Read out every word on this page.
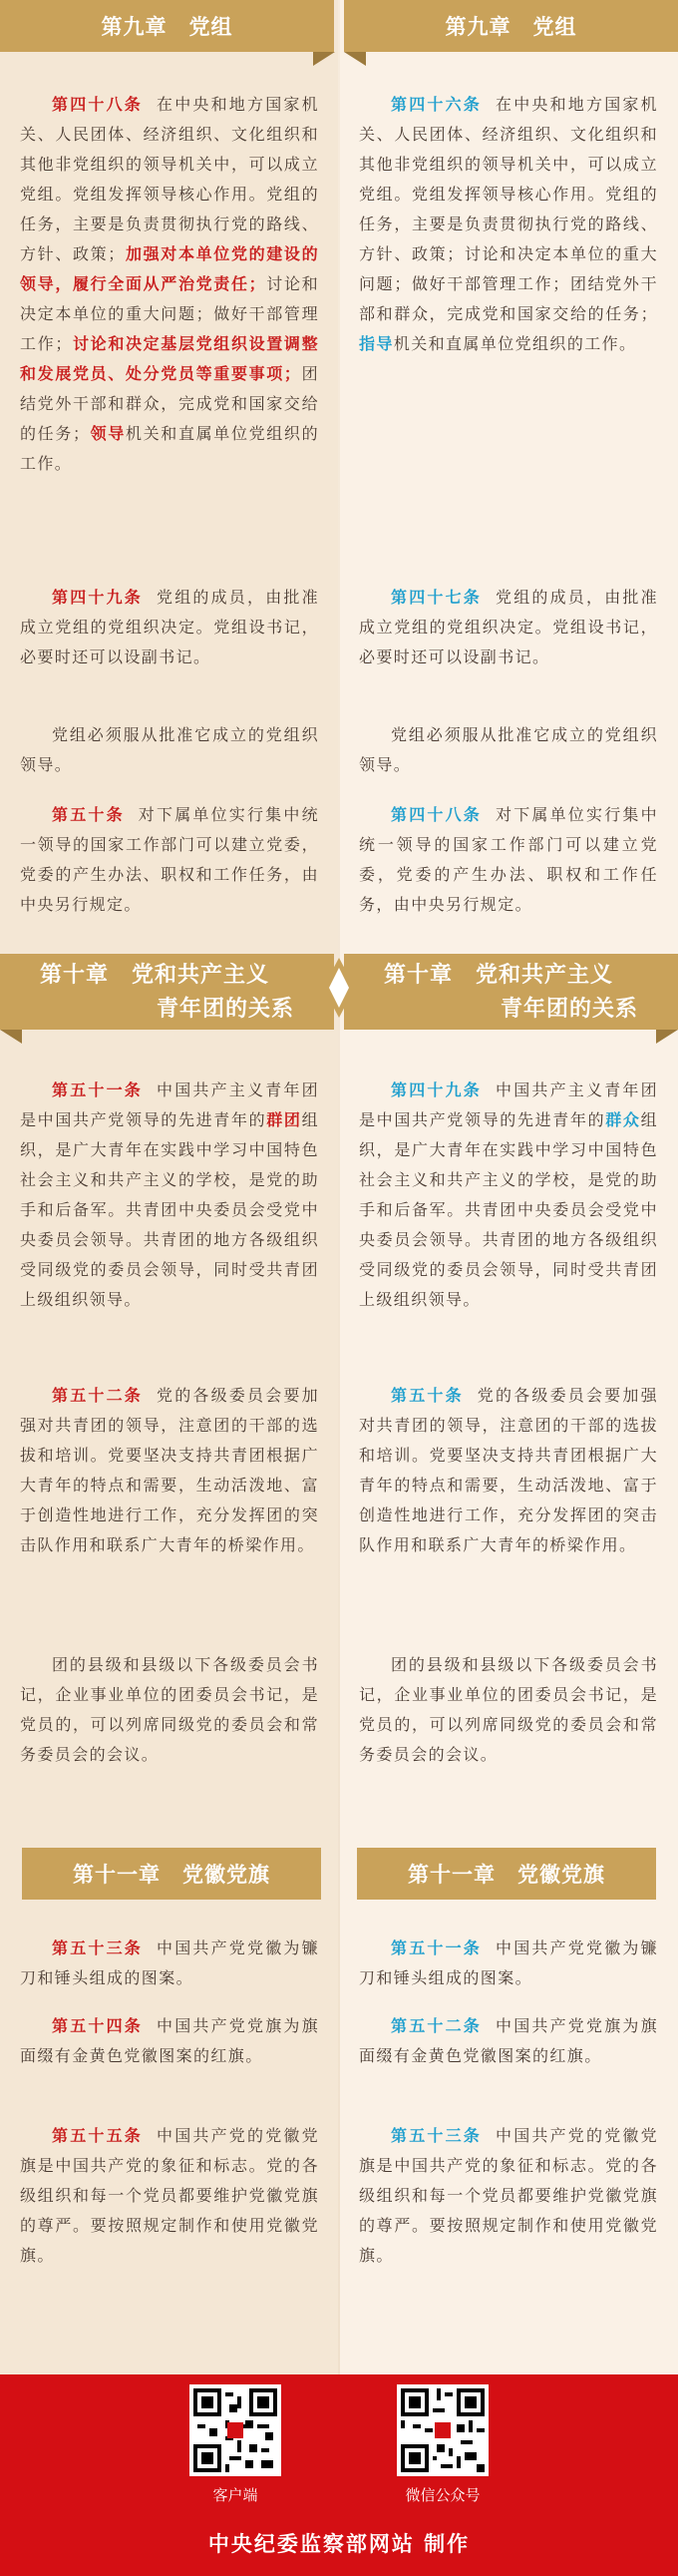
第九章　党组
第四十八条 在中央和地方国家机关、人民团体、经济组织、文化组织和其他非党组织的领导机关中，可以成立党组。党组发挥领导核心作用。党组的任务，主要是负责贯彻执行党的路线、方针、政策；加强对本单位党的建设的领导，履行全面从严治党责任；讨论和决定本单位的重大问题；做好干部管理工作；讨论和决定基层党组织设置调整和发展党员、处分党员等重要事项；团结党外干部和群众，完成党和国家交给的任务；领导机关和直属单位党组织的工作。
第四十九条 党组的成员，由批准成立党组的党组织决定。党组设书记，必要时还可以设副书记。
党组必须服从批准它成立的党组织领导。
第五十条 对下属单位实行集中统一领导的国家工作部门可以建立党委，党委的产生办法、职权和工作任务，由中央另行规定。
第十章　党和共产主义
青年团的关系
第五十一条 中国共产主义青年团是中国共产党领导的先进青年的群团组织，是广大青年在实践中学习中国特色社会主义和共产主义的学校，是党的助手和后备军。共青团中央委员会受党中央委员会领导。共青团的地方各级组织受同级党的委员会领导，同时受共青团上级组织领导。
第五十二条 党的各级委员会要加强对共青团的领导，注意团的干部的选拔和培训。党要坚决支持共青团根据广大青年的特点和需要，生动活泼地、富于创造性地进行工作，充分发挥团的突击队作用和联系广大青年的桥梁作用。
团的县级和县级以下各级委员会书记，企业事业单位的团委员会书记，是党员的，可以列席同级党的委员会和常务委员会的会议。
第十一章　党徽党旗
第五十三条 中国共产党党徽为镰刀和锤头组成的图案。
第五十四条 中国共产党党旗为旗面缀有金黄色党徽图案的红旗。
第五十五条 中国共产党的党徽党旗是中国共产党的象征和标志。党的各级组织和每一个党员都要维护党徽党旗的尊严。要按照规定制作和使用党徽党旗。
第九章　党组
第四十六条 在中央和地方国家机关、人民团体、经济组织、文化组织和其他非党组织的领导机关中，可以成立党组。党组发挥领导核心作用。党组的任务，主要是负责贯彻执行党的路线、方针、政策；讨论和决定本单位的重大问题；做好干部管理工作；团结党外干部和群众，完成党和国家交给的任务；指导机关和直属单位党组织的工作。
第四十七条 党组的成员，由批准成立党组的党组织决定。党组设书记，必要时还可以设副书记。
党组必须服从批准它成立的党组织领导。
第四十八条 对下属单位实行集中统一领导的国家工作部门可以建立党委，党委的产生办法、职权和工作任务，由中央另行规定。
第十章　党和共产主义
青年团的关系
第四十九条 中国共产主义青年团是中国共产党领导的先进青年的群众组织，是广大青年在实践中学习中国特色社会主义和共产主义的学校，是党的助手和后备军。共青团中央委员会受党中央委员会领导。共青团的地方各级组织受同级党的委员会领导，同时受共青团上级组织领导。
第五十条 党的各级委员会要加强对共青团的领导，注意团的干部的选拔和培训。党要坚决支持共青团根据广大青年的特点和需要，生动活泼地、富于创造性地进行工作，充分发挥团的突击队作用和联系广大青年的桥梁作用。
团的县级和县级以下各级委员会书记，企业事业单位的团委员会书记，是党员的，可以列席同级党的委员会和常务委员会的会议。
第十一章　党徽党旗
第五十一条 中国共产党党徽为镰刀和锤头组成的图案。
第五十二条 中国共产党党旗为旗面缀有金黄色党徽图案的红旗。
第五十三条 中国共产党的党徽党旗是中国共产党的象征和标志。党的各级组织和每一个党员都要维护党徽党旗的尊严。要按照规定制作和使用党徽党旗。
客户端	微信公众号
中央纪委监察部网站 制作
